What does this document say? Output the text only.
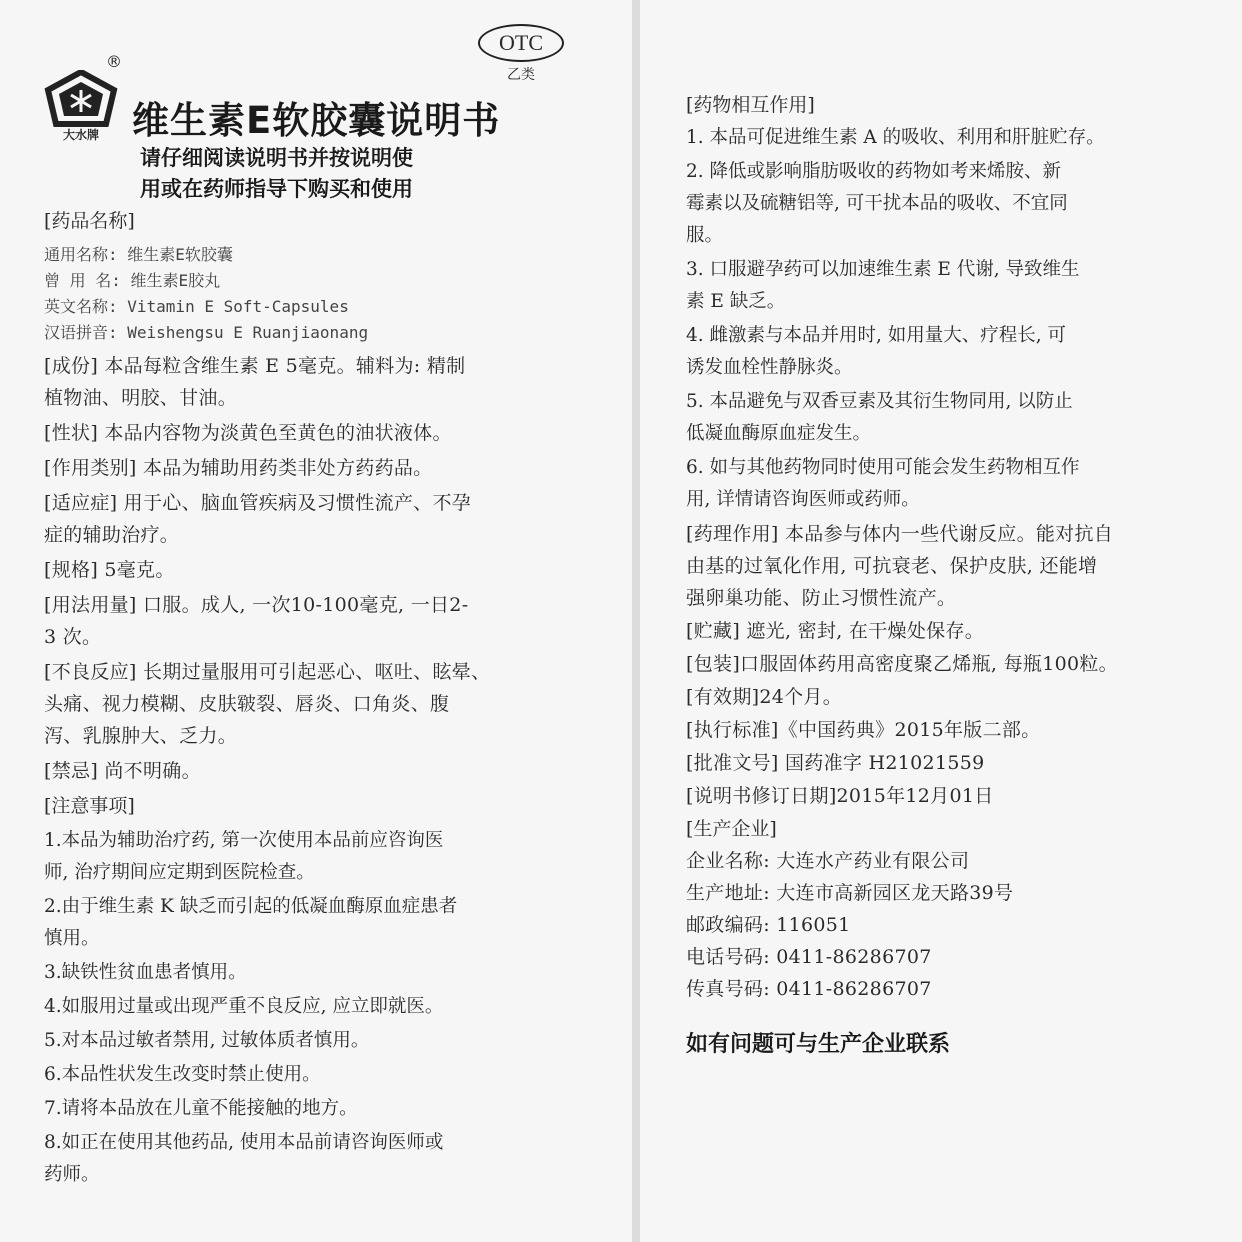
大水牌
®
OTC
乙类
维生素E软胶囊说明书

请仔细阅读说明书并按说明使

用或在药师指导下购买和使用

[药品名称]

通用名称: 维生素E软胶囊

曾 用 名: 维生素E胶丸

英文名称: Vitamin E Soft-Capsules

汉语拼音: Weishengsu E Ruanjiaonang

[成份] 本品每粒含维生素 E 5毫克。辅料为: 精制

植物油、明胶、甘油。

[性状] 本品内容物为淡黄色至黄色的油状液体。

[作用类别] 本品为辅助用药类非处方药药品。

[适应症] 用于心、脑血管疾病及习惯性流产、不孕

症的辅助治疗。

[规格] 5毫克。

[用法用量] 口服。成人, 一次10-100毫克, 一日2-

3 次。

[不良反应] 长期过量服用可引起恶心、呕吐、眩晕、

头痛、视力模糊、皮肤皲裂、唇炎、口角炎、腹

泻、乳腺肿大、乏力。

[禁忌] 尚不明确。

[注意事项]

1.本品为辅助治疗药, 第一次使用本品前应咨询医

师, 治疗期间应定期到医院检查。

2.由于维生素 K 缺乏而引起的低凝血酶原血症患者

慎用。

3.缺铁性贫血患者慎用。

4.如服用过量或出现严重不良反应, 应立即就医。

5.对本品过敏者禁用, 过敏体质者慎用。

6.本品性状发生改变时禁止使用。

7.请将本品放在儿童不能接触的地方。

8.如正在使用其他药品, 使用本品前请咨询医师或

药师。

[药物相互作用]

1. 本品可促进维生素 A 的吸收、利用和肝脏贮存。

2. 降低或影响脂肪吸收的药物如考来烯胺、新

霉素以及硫糖铝等, 可干扰本品的吸收、不宜同

服。

3. 口服避孕药可以加速维生素 E 代谢, 导致维生

素 E 缺乏。

4. 雌激素与本品并用时, 如用量大、疗程长, 可

诱发血栓性静脉炎。

5. 本品避免与双香豆素及其衍生物同用, 以防止

低凝血酶原血症发生。

6. 如与其他药物同时使用可能会发生药物相互作

用, 详情请咨询医师或药师。

[药理作用] 本品参与体内一些代谢反应。能对抗自

由基的过氧化作用, 可抗衰老、保护皮肤, 还能增

强卵巢功能、防止习惯性流产。

[贮藏] 遮光, 密封, 在干燥处保存。

[包装]口服固体药用高密度聚乙烯瓶, 每瓶100粒。

[有效期]24个月。

[执行标准]《中国药典》2015年版二部。

[批准文号] 国药准字 H21021559

[说明书修订日期]2015年12月01日

[生产企业]

企业名称: 大连水产药业有限公司

生产地址: 大连市高新园区龙天路39号

邮政编码: 116051

电话号码: 0411-86286707

传真号码: 0411-86286707

如有问题可与生产企业联系
